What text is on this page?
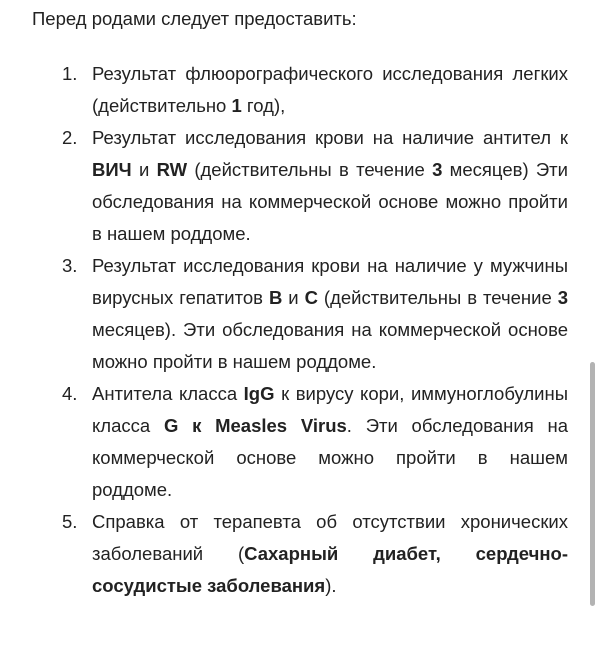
Перед родами следует предоставить:
1. Результат флюорографического исследования легких (действительно 1 год),
2. Результат исследования крови на наличие антител к ВИЧ и RW (действительны в течение 3 месяцев) Эти обследования на коммерческой основе можно пройти в нашем роддоме.
3. Результат исследования крови на наличие у мужчины вирусных гепатитов B и C (действительны в течение 3 месяцев). Эти обследования на коммерческой основе можно пройти в нашем роддоме.
4. Антитела класса IgG к вирусу кори, иммуноглобулины класса G к Measles Virus. Эти обследования на коммерческой основе можно пройти в нашем роддоме.
5. Справка от терапевта об отсутствии хронических заболеваний (Сахарный диабет, сердечно-сосудистые заболевания).
